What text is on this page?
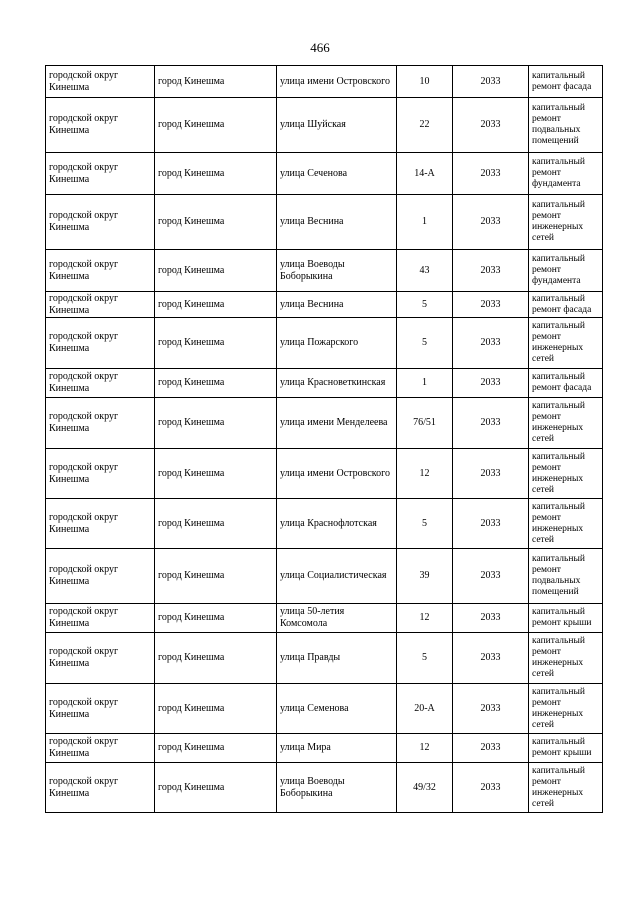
466
городской округ Кинешма	город Кинешма	улица имени Островского	10	2033	капитальный ремонт фасада
городской округ Кинешма	город Кинешма	улица Шуйская	22	2033	капитальный ремонт подвальных помещений
городской округ Кинешма	город Кинешма	улица Сеченова	14-А	2033	капитальный ремонт фундамента
городской округ Кинешма	город Кинешма	улица Веснина	1	2033	капитальный ремонт инженерных сетей
городской округ Кинешма	город Кинешма	улица Воеводы Боборыкина	43	2033	капитальный ремонт фундамента
городской округ Кинешма	город Кинешма	улица Веснина	5	2033	капитальный ремонт фасада
городской округ Кинешма	город Кинешма	улица Пожарского	5	2033	капитальный ремонт инженерных сетей
городской округ Кинешма	город Кинешма	улица Красноветкинская	1	2033	капитальный ремонт фасада
городской округ Кинешма	город Кинешма	улица имени Менделеева	76/51	2033	капитальный ремонт инженерных сетей
городской округ Кинешма	город Кинешма	улица имени Островского	12	2033	капитальный ремонт инженерных сетей
городской округ Кинешма	город Кинешма	улица Краснофлотская	5	2033	капитальный ремонт инженерных сетей
городской округ Кинешма	город Кинешма	улица Социалистическая	39	2033	капитальный ремонт подвальных помещений
городской округ Кинешма	город Кинешма	улица 50-летия Комсомола	12	2033	капитальный ремонт крыши
городской округ Кинешма	город Кинешма	улица Правды	5	2033	капитальный ремонт инженерных сетей
городской округ Кинешма	город Кинешма	улица Семенова	20-А	2033	капитальный ремонт инженерных сетей
городской округ Кинешма	город Кинешма	улица Мира	12	2033	капитальный ремонт крыши
городской округ Кинешма	город Кинешма	улица Воеводы Боборыкина	49/32	2033	капитальный ремонт инженерных сетей
